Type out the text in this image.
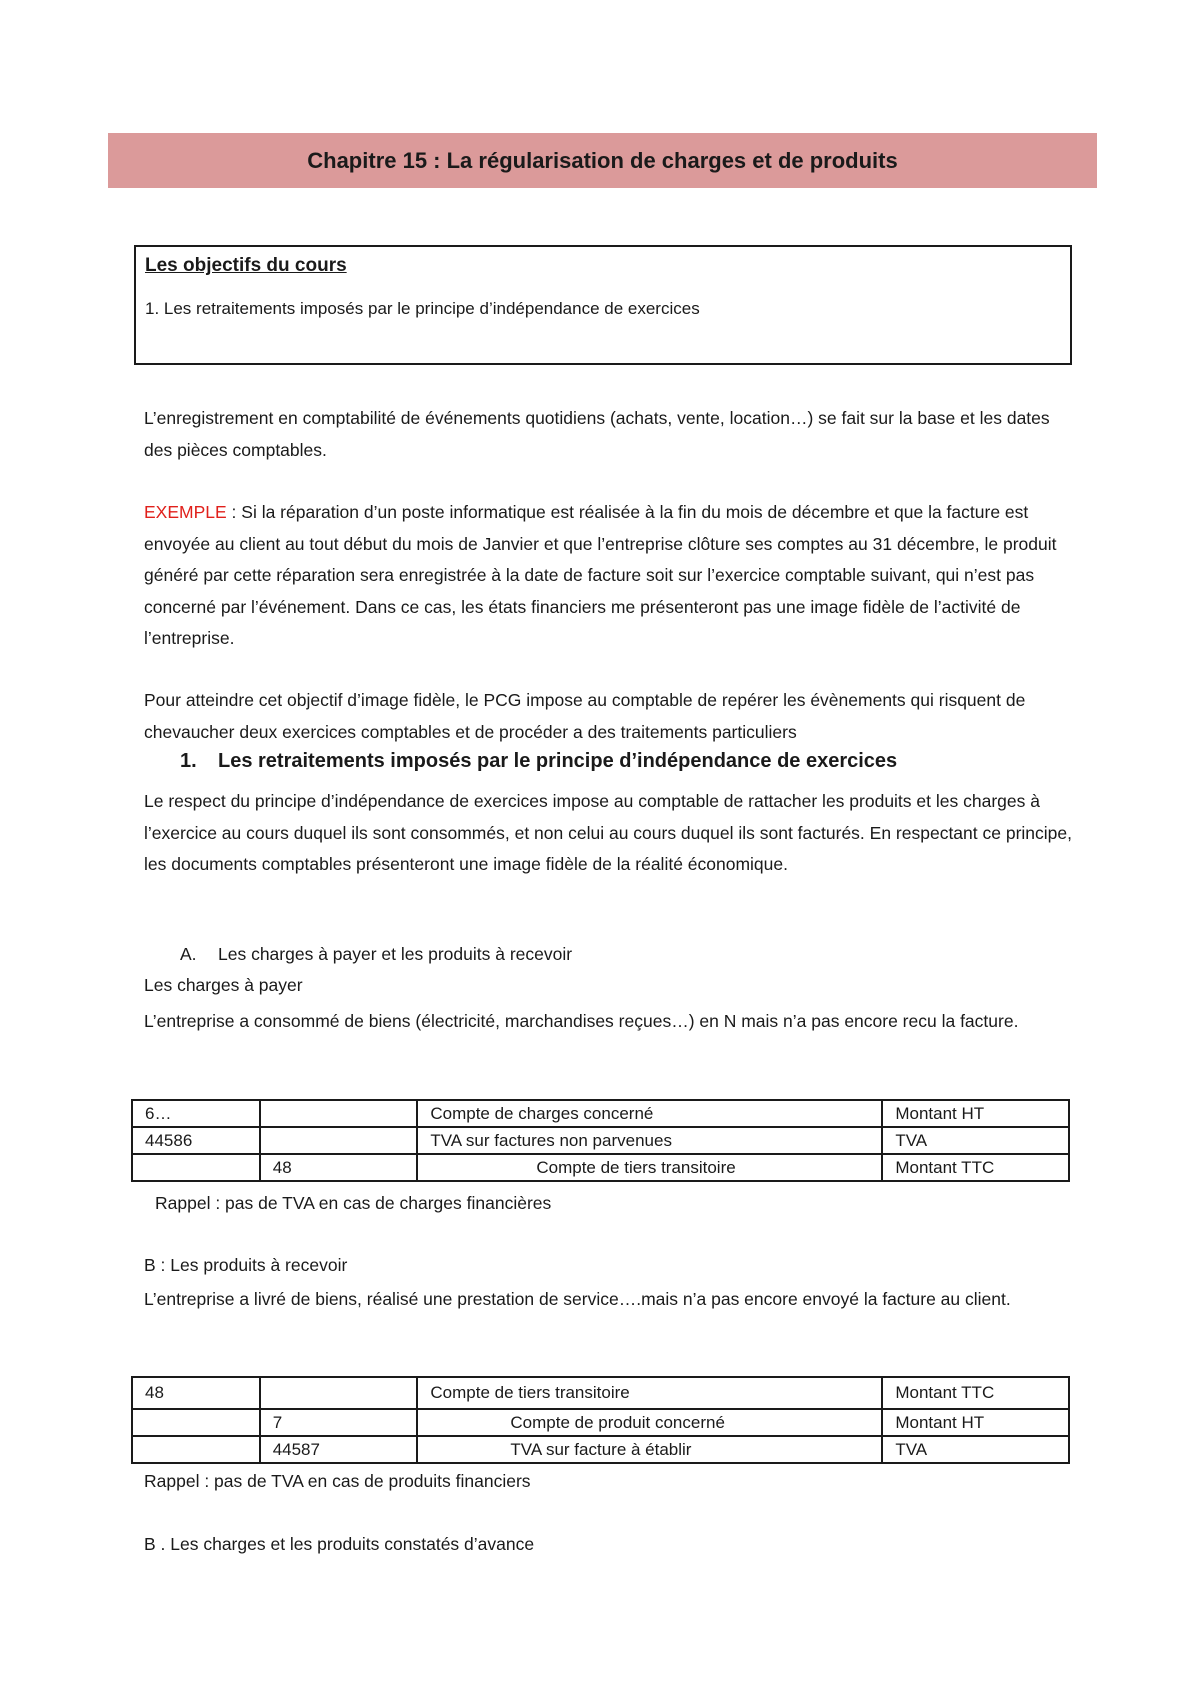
Chapitre 15 : La régularisation de charges et de produits
Les objectifs du cours
1. Les retraitements imposés par le principe d’indépendance de exercices
L’enregistrement en comptabilité de événements quotidiens (achats, vente, location…) se fait sur la base et les dates des pièces comptables.
EXEMPLE : Si la réparation d’un poste informatique est réalisée à la fin du mois de décembre et que la facture est envoyée au client au tout début du mois de Janvier et que l’entreprise clôture ses comptes au 31 décembre, le produit généré par cette réparation sera enregistrée à la date de facture soit sur l’exercice comptable suivant, qui n’est pas concerné par l’événement. Dans ce cas, les états financiers me présenteront pas une image fidèle de l’activité de l’entreprise.
Pour atteindre cet objectif d’image fidèle, le PCG impose au comptable de repérer les évènements qui risquent de chevaucher deux exercices comptables et de procéder a des traitements particuliers
1. Les retraitements imposés par le principe d’indépendance de exercices
Le respect du principe d’indépendance de exercices impose au comptable de rattacher les produits et les charges à l’exercice au cours duquel ils sont consommés, et non celui au cours duquel ils sont facturés. En respectant ce principe, les documents comptables présenteront une image fidèle de la réalité économique.
A. Les charges à payer et les produits à recevoir
Les charges à payer
L’entreprise a consommé de biens (électricité, marchandises reçues…) en N mais n’a pas encore recu la facture.
6…		Compte de charges concerné	Montant HT
44586		TVA sur factures non parvenues	TVA
	48	Compte de tiers transitoire	Montant TTC
Rappel : pas de TVA en cas de charges financières
B : Les produits à recevoir
L’entreprise a livré de biens, réalisé une prestation de service….mais n’a pas encore envoyé la facture au client.
48		Compte de tiers transitoire	Montant TTC
	7	Compte de produit concerné	Montant HT
	44587	TVA sur facture à établir	TVA
Rappel : pas de TVA en cas de produits financiers
B . Les charges et les produits constatés d’avance
